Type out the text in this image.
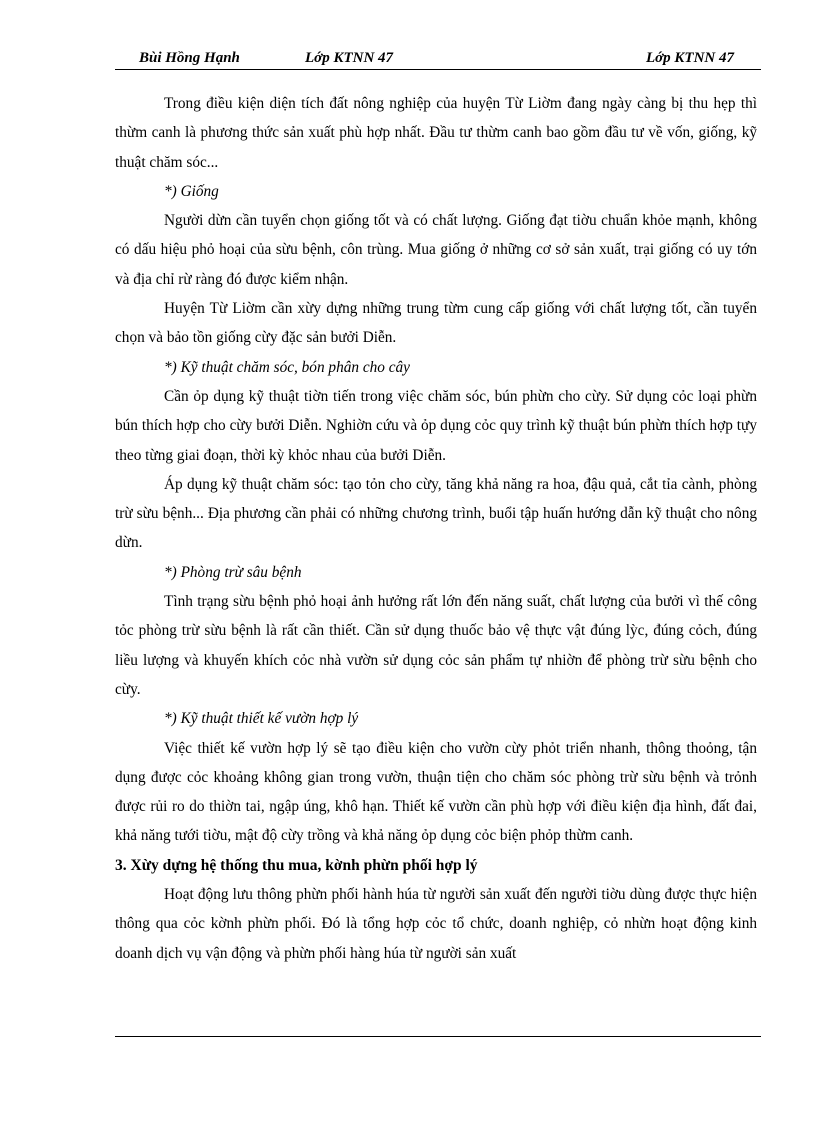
Bùi Hồng Hạnh	Lớp KTNN 47	Lớp KTNN 47

Trong điều kiện diện tích đất nông nghiệp của huyện Từ Liờm đang ngày càng bị thu hẹp thì thừm canh là phương thức sản xuất phù hợp nhất. Đầu tư thừm canh bao gồm đầu tư về vốn, giống, kỹ thuật chăm sóc...

*) Giống

Người dừn cần tuyển chọn giống tốt và có chất lượng. Giống đạt tiờu chuẩn khỏe mạnh, không có dấu hiệu phỏ hoại của sừu bệnh, côn trùng. Mua giống ở những cơ sở sản xuất, trại giống có uy tớn và địa chỉ rừ ràng đó được kiểm nhận.

Huyện Từ Liờm cần xừy dựng những trung từm cung cấp giống với chất lượng tốt, cần tuyển chọn và bảo tồn giống cừy đặc sản bưởi Diễn.

*) Kỹ thuật chăm sóc, bón phân cho cây

Cần ỏp dụng kỹ thuật tiờn tiến trong việc chăm sóc, bún phừn cho cừy. Sử dụng cỏc loại phừn bún thích hợp cho cừy bưởi Diễn. Nghiờn cứu và ỏp dụng cỏc quy trình kỹ thuật bún phừn thích hợp tựy theo từng giai đoạn, thời kỳ khỏc nhau của bưởi Diễn.

Áp dụng kỹ thuật chăm sóc: tạo tỏn cho cừy, tăng khả năng ra hoa, đậu quả, cắt tỉa cành, phòng trừ sừu bệnh... Địa phương cần phải có những chương trình, buổi tập huấn hướng dẫn kỹ thuật cho nông dừn.

*) Phòng trừ sâu bệnh

Tình trạng sừu bệnh phỏ hoại ảnh hưởng rất lớn đến năng suất, chất lượng của bưởi vì thế công tỏc phòng trừ sừu bệnh là rất cần thiết. Cần sử dụng thuốc bảo vệ thực vật đúng lỳc, đúng cỏch, đúng liều lượng và khuyến khích cỏc nhà vườn sử dụng cỏc sản phẩm tự nhiờn để phòng trừ sừu bệnh cho cừy.

*) Kỹ thuật thiết kế vườn hợp lý

Việc thiết kế vườn hợp lý sẽ tạo điều kiện cho vườn cừy phỏt triển nhanh, thông thoỏng, tận dụng được cỏc khoảng không gian trong vườn, thuận tiện cho chăm sóc phòng trừ sừu bệnh và trỏnh được rủi ro do thiờn tai, ngập úng, khô hạn. Thiết kế vườn cần phù hợp với điều kiện địa hình, đất đai, khả năng tưới tiờu, mật độ cừy trồng và khả năng ỏp dụng cỏc biện phỏp thừm canh.

3. Xừy dựng hệ thống thu mua, kờnh phừn phối hợp lý

Hoạt động lưu thông phừn phối hành húa từ người sản xuất đến người tiờu dùng được thực hiện thông qua cỏc kờnh phừn phối. Đó là tổng hợp cỏc tổ chức, doanh nghiệp, cỏ nhừn hoạt động kinh doanh dịch vụ vận động và phừn phối hàng húa từ người sản xuất
